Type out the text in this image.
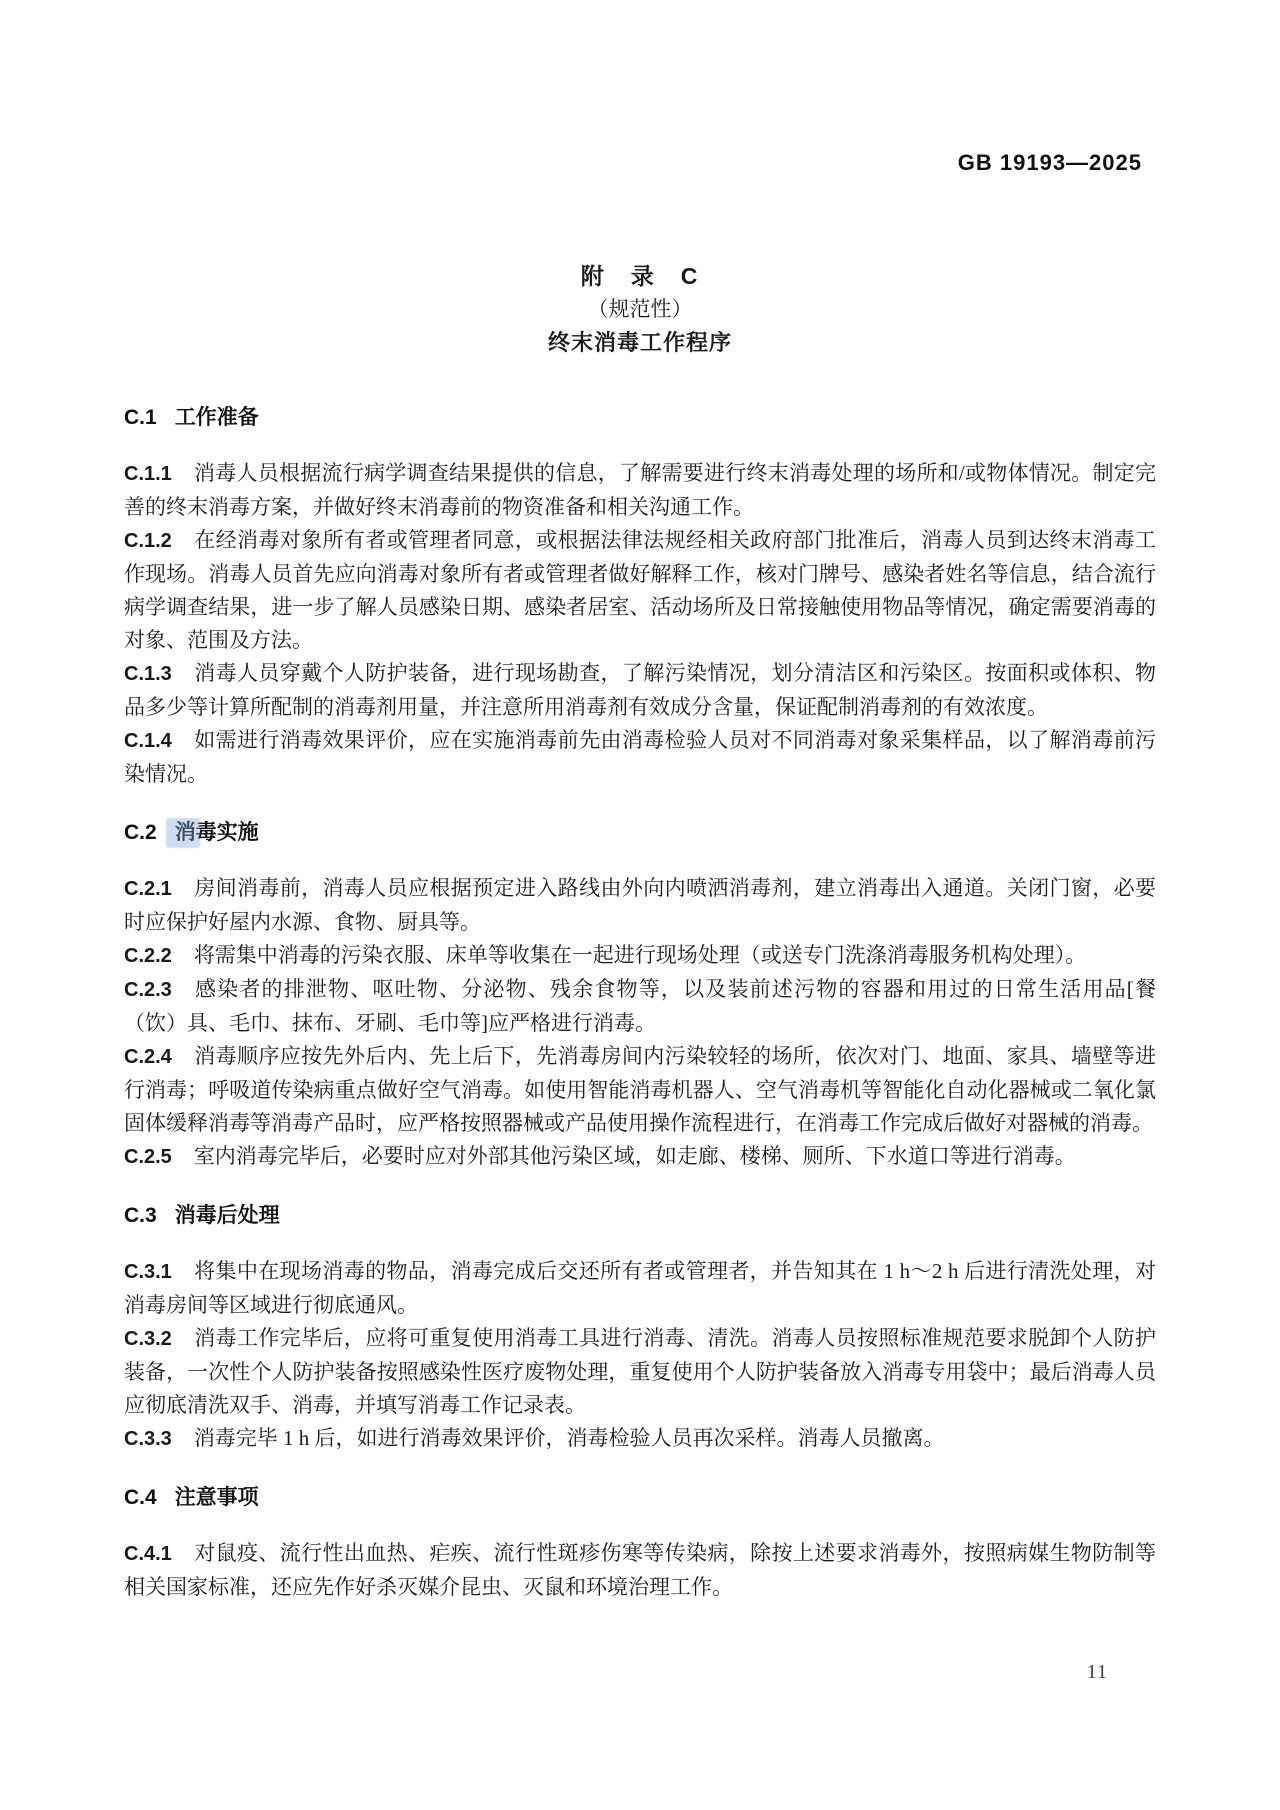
GB 19193—2025
附　录　C
（规范性）
终末消毒工作程序
C.1 工作准备

C.1.1 消毒人员根据流行病学调查结果提供的信息，了解需要进行终末消毒处理的场所和/或物体情况。制定完善的终末消毒方案，并做好终末消毒前的物资准备和相关沟通工作。

C.1.2 在经消毒对象所有者或管理者同意，或根据法律法规经相关政府部门批准后，消毒人员到达终末消毒工作现场。消毒人员首先应向消毒对象所有者或管理者做好解释工作，核对门牌号、感染者姓名等信息，结合流行病学调查结果，进一步了解人员感染日期、感染者居室、活动场所及日常接触使用物品等情况，确定需要消毒的对象、范围及方法。

C.1.3 消毒人员穿戴个人防护装备，进行现场勘查，了解污染情况，划分清洁区和污染区。按面积或体积、物品多少等计算所配制的消毒剂用量，并注意所用消毒剂有效成分含量，保证配制消毒剂的有效浓度。

C.1.4 如需进行消毒效果评价，应在实施消毒前先由消毒检验人员对不同消毒对象采集样品，以了解消毒前污染情况。

C.2 消毒实施

C.2.1 房间消毒前，消毒人员应根据预定进入路线由外向内喷洒消毒剂，建立消毒出入通道。关闭门窗，必要时应保护好屋内水源、食物、厨具等。

C.2.2 将需集中消毒的污染衣服、床单等收集在一起进行现场处理（或送专门洗涤消毒服务机构处理）。

C.2.3 感染者的排泄物、呕吐物、分泌物、残余食物等，以及装前述污物的容器和用过的日常生活用品[餐（饮）具、毛巾、抹布、牙刷、毛巾等]应严格进行消毒。

C.2.4 消毒顺序应按先外后内、先上后下，先消毒房间内污染较轻的场所，依次对门、地面、家具、墙壁等进行消毒；呼吸道传染病重点做好空气消毒。如使用智能消毒机器人、空气消毒机等智能化自动化器械或二氧化氯固体缓释消毒等消毒产品时，应严格按照器械或产品使用操作流程进行，在消毒工作完成后做好对器械的消毒。

C.2.5 室内消毒完毕后，必要时应对外部其他污染区域，如走廊、楼梯、厕所、下水道口等进行消毒。

C.3 消毒后处理

C.3.1 将集中在现场消毒的物品，消毒完成后交还所有者或管理者，并告知其在 1 h～2 h 后进行清洗处理，对消毒房间等区域进行彻底通风。

C.3.2 消毒工作完毕后，应将可重复使用消毒工具进行消毒、清洗。消毒人员按照标准规范要求脱卸个人防护装备，一次性个人防护装备按照感染性医疗废物处理，重复使用个人防护装备放入消毒专用袋中；最后消毒人员应彻底清洗双手、消毒，并填写消毒工作记录表。

C.3.3 消毒完毕 1 h 后，如进行消毒效果评价，消毒检验人员再次采样。消毒人员撤离。

C.4 注意事项

C.4.1 对鼠疫、流行性出血热、疟疾、流行性斑疹伤寒等传染病，除按上述要求消毒外，按照病媒生物防制等相关国家标准，还应先作好杀灭媒介昆虫、灭鼠和环境治理工作。

11
